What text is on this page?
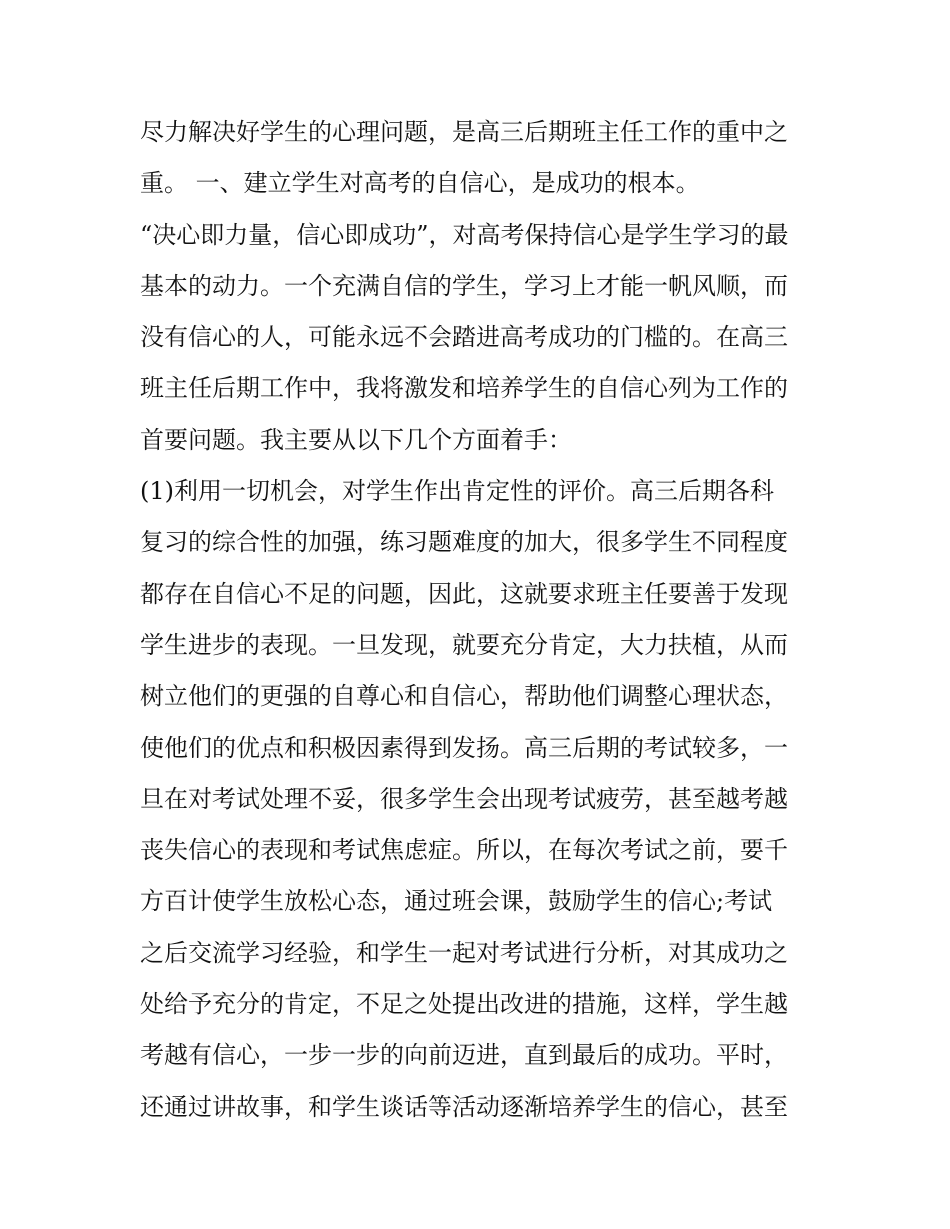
尽力解决好学生的心理问题，是高三后期班主任工作的重中之
重。 一、建立学生对高考的自信心，是成功的根本。
“决心即力量，信心即成功”，对高考保持信心是学生学习的最
基本的动力。一个充满自信的学生，学习上才能一帆风顺，而
没有信心的人，可能永远不会踏进高考成功的门槛的。在高三
班主任后期工作中，我将激发和培养学生的自信心列为工作的
首要问题。我主要从以下几个方面着手：
(1)利用一切机会，对学生作出肯定性的评价。高三后期各科
复习的综合性的加强，练习题难度的加大，很多学生不同程度
都存在自信心不足的问题，因此，这就要求班主任要善于发现
学生进步的表现。一旦发现，就要充分肯定，大力扶植，从而
树立他们的更强的自尊心和自信心，帮助他们调整心理状态，
使他们的优点和积极因素得到发扬。高三后期的考试较多，一
旦在对考试处理不妥，很多学生会出现考试疲劳，甚至越考越
丧失信心的表现和考试焦虑症。所以，在每次考试之前，要千
方百计使学生放松心态，通过班会课，鼓励学生的信心;考试
之后交流学习经验，和学生一起对考试进行分析，对其成功之
处给予充分的肯定，不足之处提出改进的措施，这样，学生越
考越有信心，一步一步的向前迈进，直到最后的成功。平时，
还通过讲故事，和学生谈话等活动逐渐培养学生的信心，甚至
